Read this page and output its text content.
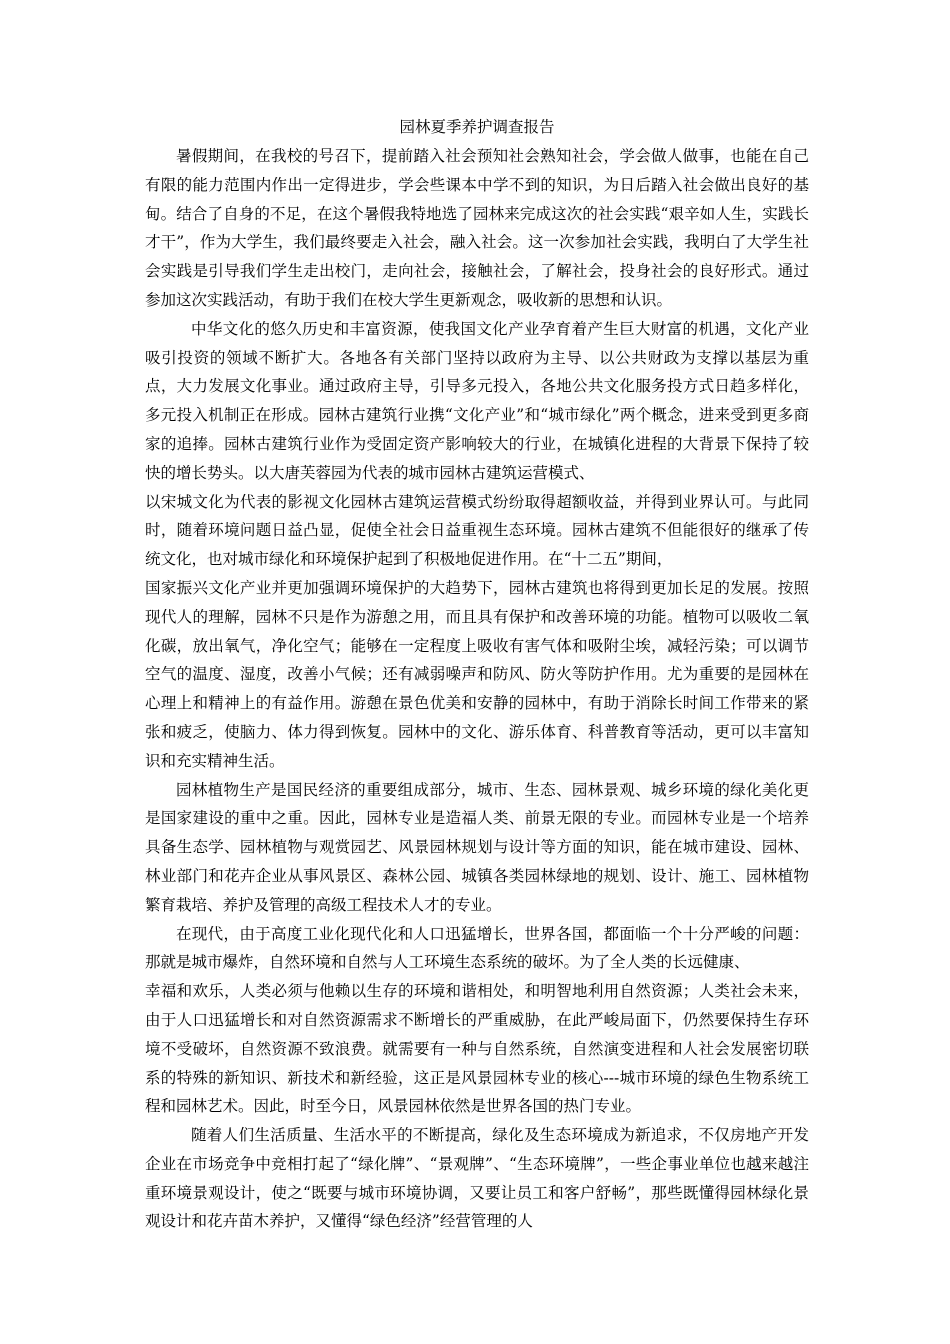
园林夏季养护调查报告

暑假期间，在我校的号召下，提前踏入社会预知社会熟知社会，学会做人做事，也能在自己有限的能力范围内作出一定得进步，学会些课本中学不到的知识，为日后踏入社会做出良好的基甸。结合了自身的不足，在这个暑假我特地选了园林来完成这次的社会实践“艰辛如人生，实践长才干”，作为大学生，我们最终要走入社会，融入社会。这一次参加社会实践，我明白了大学生社会实践是引导我们学生走出校门，走向社会，接触社会，了解社会，投身社会的良好形式。通过参加这次实践活动，有助于我们在校大学生更新观念，吸收新的思想和认识。

中华文化的悠久历史和丰富资源，使我国文化产业孕育着产生巨大财富的机遇，文化产业吸引投资的领域不断扩大。各地各有关部门坚持以政府为主导、以公共财政为支撑以基层为重点，大力发展文化事业。通过政府主导，引导多元投入，各地公共文化服务投方式日趋多样化，多元投入机制正在形成。园林古建筑行业携“文化产业”和“城市绿化”两个概念，进来受到更多商家的追捧。园林古建筑行业作为受固定资产影响较大的行业，在城镇化进程的大背景下保持了较快的增长势头。以大唐芙蓉园为代表的城市园林古建筑运营模式、

以宋城文化为代表的影视文化园林古建筑运营模式纷纷取得超额收益，并得到业界认可。与此同时，随着环境问题日益凸显，促使全社会日益重视生态环境。园林古建筑不但能很好的继承了传统文化，也对城市绿化和环境保护起到了积极地促进作用。在“十二五”期间，

国家振兴文化产业并更加强调环境保护的大趋势下，园林古建筑也将得到更加长足的发展。按照现代人的理解，园林不只是作为游憩之用，而且具有保护和改善环境的功能。植物可以吸收二氧化碳，放出氧气，净化空气；能够在一定程度上吸收有害气体和吸附尘埃，减轻污染；可以调节空气的温度、湿度，改善小气候；还有减弱噪声和防风、防火等防护作用。尤为重要的是园林在心理上和精神上的有益作用。游憩在景色优美和安静的园林中，有助于消除长时间工作带来的紧张和疲乏，使脑力、体力得到恢复。园林中的文化、游乐体育、科普教育等活动，更可以丰富知识和充实精神生活。

园林植物生产是国民经济的重要组成部分，城市、生态、园林景观、城乡环境的绿化美化更是国家建设的重中之重。因此，园林专业是造福人类、前景无限的专业。而园林专业是一个培养具备生态学、园林植物与观赏园艺、风景园林规划与设计等方面的知识，能在城市建设、园林、林业部门和花卉企业从事风景区、森林公园、城镇各类园林绿地的规划、设计、施工、园林植物繁育栽培、养护及管理的高级工程技术人才的专业。

在现代，由于高度工业化现代化和人口迅猛增长，世界各国，都面临一个十分严峻的问题：那就是城市爆炸，自然环境和自然与人工环境生态系统的破坏。为了全人类的长远健康、

幸福和欢乐，人类必须与他赖以生存的环境和谐相处，和明智地利用自然资源；人类社会未来，由于人口迅猛增长和对自然资源需求不断增长的严重威胁，在此严峻局面下，仍然要保持生存环境不受破坏，自然资源不致浪费。就需要有一种与自然系统，自然演变进程和人社会发展密切联系的特殊的新知识、新技术和新经验，这正是风景园林专业的核心---城市环境的绿色生物系统工程和园林艺术。因此，时至今日，风景园林依然是世界各国的热门专业。

随着人们生活质量、生活水平的不断提高，绿化及生态环境成为新追求，不仅房地产开发企业在市场竞争中竞相打起了“绿化牌”、“景观牌”、“生态环境牌”，一些企事业单位也越来越注重环境景观设计，使之“既要与城市环境协调，又要让员工和客户舒畅”，那些既懂得园林绿化景观设计和花卉苗木养护，又懂得“绿色经济”经营管理的人
